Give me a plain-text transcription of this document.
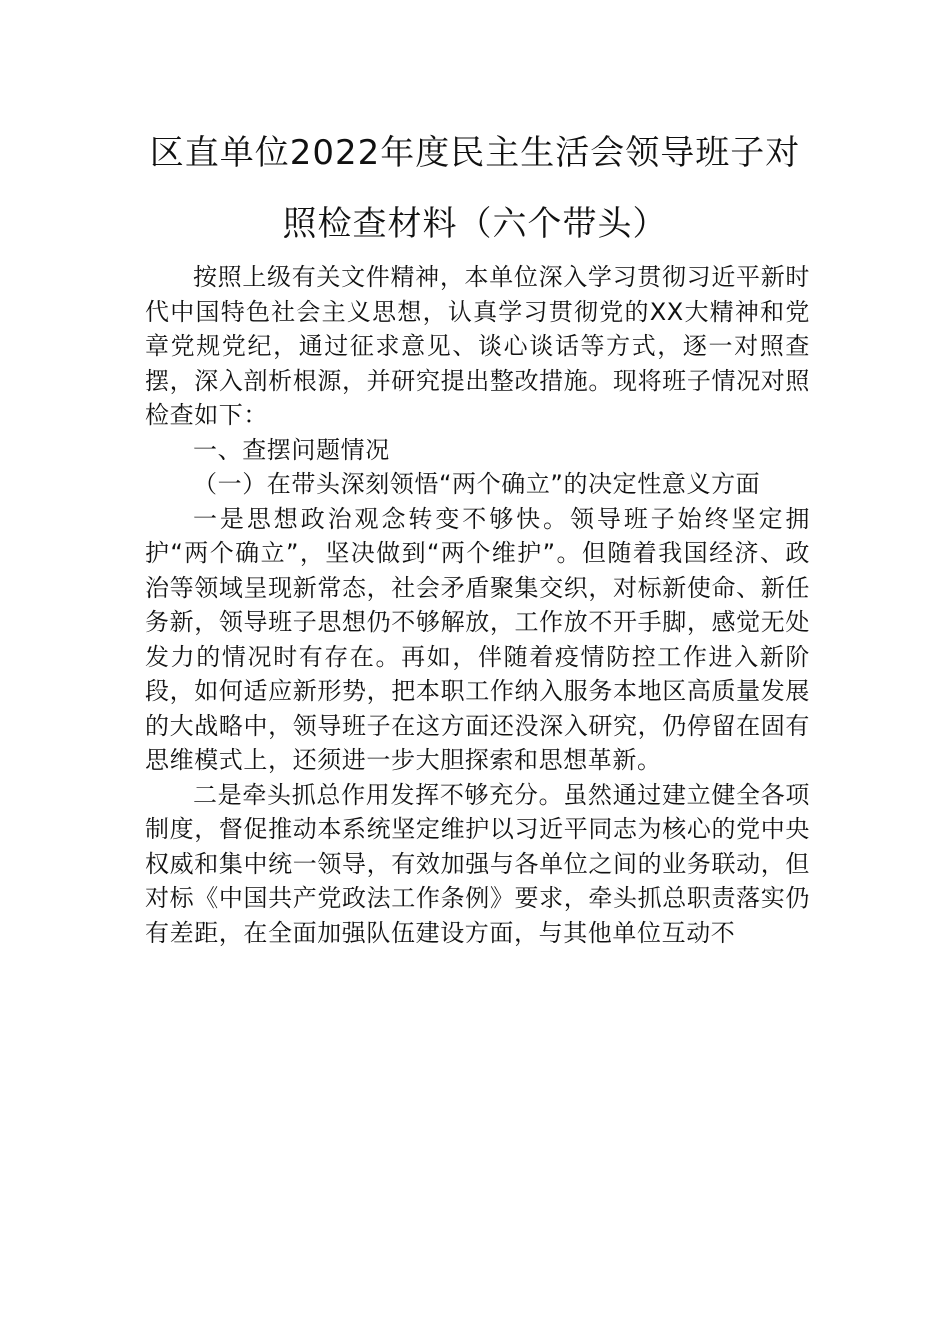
区直单位2022年度民主生活会领导班子对
照检查材料（六个带头）

按照上级有关文件精神，本单位深入学习贯彻习近平新时代中国特色社会主义思想，认真学习贯彻党的XX大精神和党章党规党纪，通过征求意见、谈心谈话等方式，逐一对照查摆，深入剖析根源，并研究提出整改措施。现将班子情况对照检查如下：

一、查摆问题情况

（一）在带头深刻领悟“两个确立”的决定性意义方面

一是思想政治观念转变不够快。领导班子始终坚定拥护“两个确立”，坚决做到“两个维护”。但随着我国经济、政治等领域呈现新常态，社会矛盾聚集交织，对标新使命、新任务新，领导班子思想仍不够解放，工作放不开手脚，感觉无处发力的情况时有存在。再如，伴随着疫情防控工作进入新阶段，如何适应新形势，把本职工作纳入服务本地区高质量发展的大战略中，领导班子在这方面还没深入研究，仍停留在固有思维模式上，还须进一步大胆探索和思想革新。

二是牵头抓总作用发挥不够充分。虽然通过建立健全各项制度，督促推动本系统坚定维护以习近平同志为核心的党中央权威和集中统一领导，有效加强与各单位之间的业务联动，但对标《中国共产党政法工作条例》要求，牵头抓总职责落实仍有差距，在全面加强队伍建设方面，与其他单位互动不
